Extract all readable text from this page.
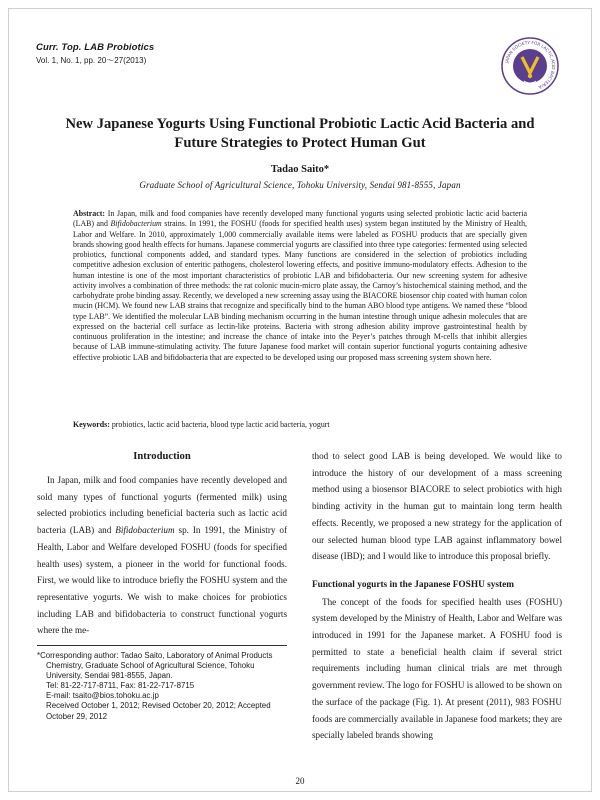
Curr. Top. LAB Probiotics
Vol. 1, No. 1, pp. 20～27(2013)	JAPAN SOCIETY FOR LACTIC ACID BACTERIA
New Japanese Yogurts Using Functional Probiotic Lactic Acid Bacteria and
Future Strategies to Protect Human Gut
Tadao Saito*
Graduate School of Agricultural Science, Tohoku University, Sendai 981-8555, Japan
Abstract: In Japan, milk and food companies have recently developed many functional yogurts using selected probiotic lactic acid bacteria (LAB) and Bifidobacterium strains. In 1991, the FOSHU (foods for specified health uses) system began instituted by the Ministry of Health, Labor and Welfare. In 2010, approximately 1,000 commercially available items were labeled as FOSHU products that are specially given brands showing good health effects for humans. Japanese commercial yogurts are classified into three type categories: fermented using selected probiotics, functional components added, and standard types. Many functions are considered in the selection of probiotics including competitive adhesion exclusion of enteritic pathogens, cholesterol lowering effects, and positive immuno-modulatory effects. Adhesion to the human intestine is one of the most important characteristics of probiotic LAB and bifidobacteria. Our new screening system for adhesive activity involves a combination of three methods: the rat colonic mucin-micro plate assay, the Carnoy’s histochemical staining method, and the carbohydrate probe binding assay. Recently, we developed a new screening assay using the BIACORE biosensor chip coated with human colon mucin (HCM). We found new LAB strains that recognize and specifically bind to the human ABO blood type antigens. We named these “blood type LAB”. We identified the molecular LAB binding mechanism occurring in the human intestine through unique adhesin molecules that are expressed on the bacterial cell surface as lectin-like proteins. Bacteria with strong adhesion ability improve gastrointestinal health by continuous proliferation in the intestine; and increase the chance of intake into the Peyer’s patches through M-cells that inhibit allergies because of LAB immune-stimulating activity. The future Japanese food market will contain superior functional yogurts containing adhesive effective probiotic LAB and bifidobacteria that are expected to be developed using our proposed mass screening system shown here.
Keywords: probiotics, lactic acid bacteria, blood type lactic acid bacteria, yogurt
Introduction

In Japan, milk and food companies have recently developed and sold many types of functional yogurts (fermented milk) using selected probiotics including beneficial bacteria such as lactic acid bacteria (LAB) and Bifidobacterium sp. In 1991, the Ministry of Health, Labor and Welfare developed FOSHU (foods for specified health uses) system, a pioneer in the world for functional foods. First, we would like to introduce briefly the FOSHU system and the representative yogurts. We wish to make choices for probiotics including LAB and bifidobacteria to construct functional yogurts where the me-

thod to select good LAB is being developed. We would like to introduce the history of our development of a mass screening method using a biosensor BIACORE to select probiotics with high binding activity in the human gut to maintain long term health effects. Recently, we proposed a new strategy for the application of our selected human blood type LAB against inflammatory bowel disease (IBD); and I would like to introduce this proposal briefly.

Functional yogurts in the Japanese FOSHU system

The concept of the foods for specified health uses (FOSHU) system developed by the Ministry of Health, Labor and Welfare was introduced in 1991 for the Japanese market. A FOSHU food is permitted to state a beneficial health claim if several strict requirements including human clinical trials are met through government review. The logo for FOSHU is allowed to be shown on the surface of the package (Fig. 1). At present (2011), 983 FOSHU foods are commercially available in Japanese food markets; they are specially labeled brands showing

*Corresponding author: Tadao Saito, Laboratory of Animal Products Chemistry, Graduate School of Agricultural Science, Tohoku University, Sendai 981-8555, Japan.
Tel: 81-22-717-8711, Fax: 81-22-717-8715
E-mail: tsaito@bios.tohoku.ac.jp
Received October 1, 2012; Revised October 20, 2012; Accepted October 29, 2012
20
